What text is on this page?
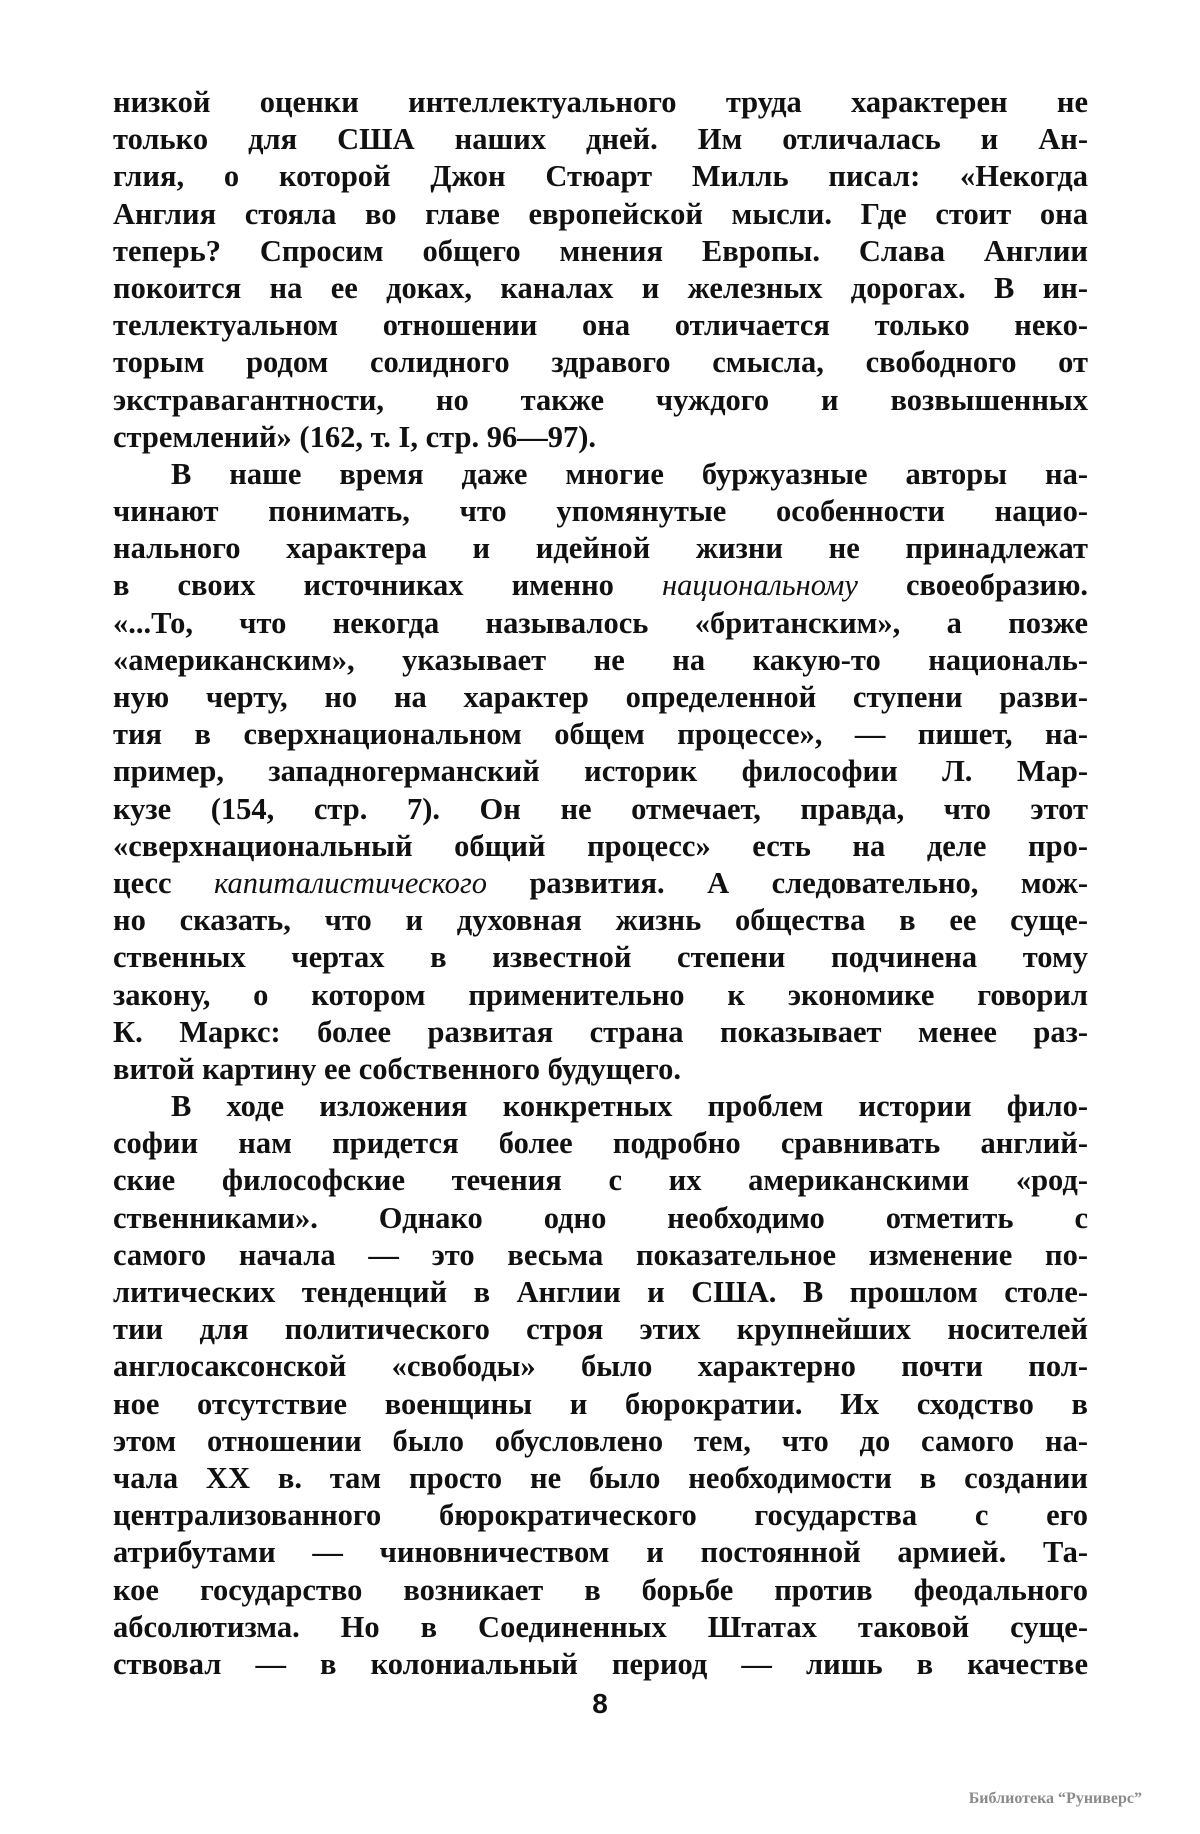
низкой оценки интеллектуального труда характерен не
только для США наших дней. Им отличалась и Ан-
глия, о которой Джон Стюарт Милль писал: «Некогда
Англия стояла во главе европейской мысли. Где стоит она
теперь? Спросим общего мнения Европы. Слава Англии
покоится на ее доках, каналах и железных дорогах. В ин-
теллектуальном отношении она отличается только неко-
торым родом солидного здравого смысла, свободного от
экстравагантности, но также чуждого и возвышенных
стремлений» (162, т. I, стр. 96—97).
В наше время даже многие буржуазные авторы на-
чинают понимать, что упомянутые особенности нацио-
нального характера и идейной жизни не принадлежат
в своих источниках именно национальному своеобразию.
«...То, что некогда называлось «британским», а позже
«американским», указывает не на какую-то националь-
ную черту, но на характер определенной ступени разви-
тия в сверхнациональном общем процессе», — пишет, на-
пример, западногерманский историк философии Л. Мар-
кузе (154, стр. 7). Он не отмечает, правда, что этот
«сверхнациональный общий процесс» есть на деле про-
цесс капиталистического развития. А следовательно, мож-
но сказать, что и духовная жизнь общества в ее суще-
ственных чертах в известной степени подчинена тому
закону, о котором применительно к экономике говорил
К. Маркс: более развитая страна показывает менее раз-
витой картину ее собственного будущего.
В ходе изложения конкретных проблем истории фило-
софии нам придется более подробно сравнивать англий-
ские философские течения с их американскими «род-
ственниками». Однако одно необходимо отметить с
самого начала — это весьма показательное изменение по-
литических тенденций в Англии и США. В прошлом столе-
тии для политического строя этих крупнейших носителей
англосаксонской «свободы» было характерно почти пол-
ное отсутствие военщины и бюрократии. Их сходство в
этом отношении было обусловлено тем, что до самого на-
чала XX в. там просто не было необходимости в создании
централизованного бюрократического государства с его
атрибутами — чиновничеством и постоянной армией. Та-
кое государство возникает в борьбе против феодального
абсолютизма. Но в Соединенных Штатах таковой суще-
ствовал — в колониальный период — лишь в качестве
8
Библиотека “Руниверс”
